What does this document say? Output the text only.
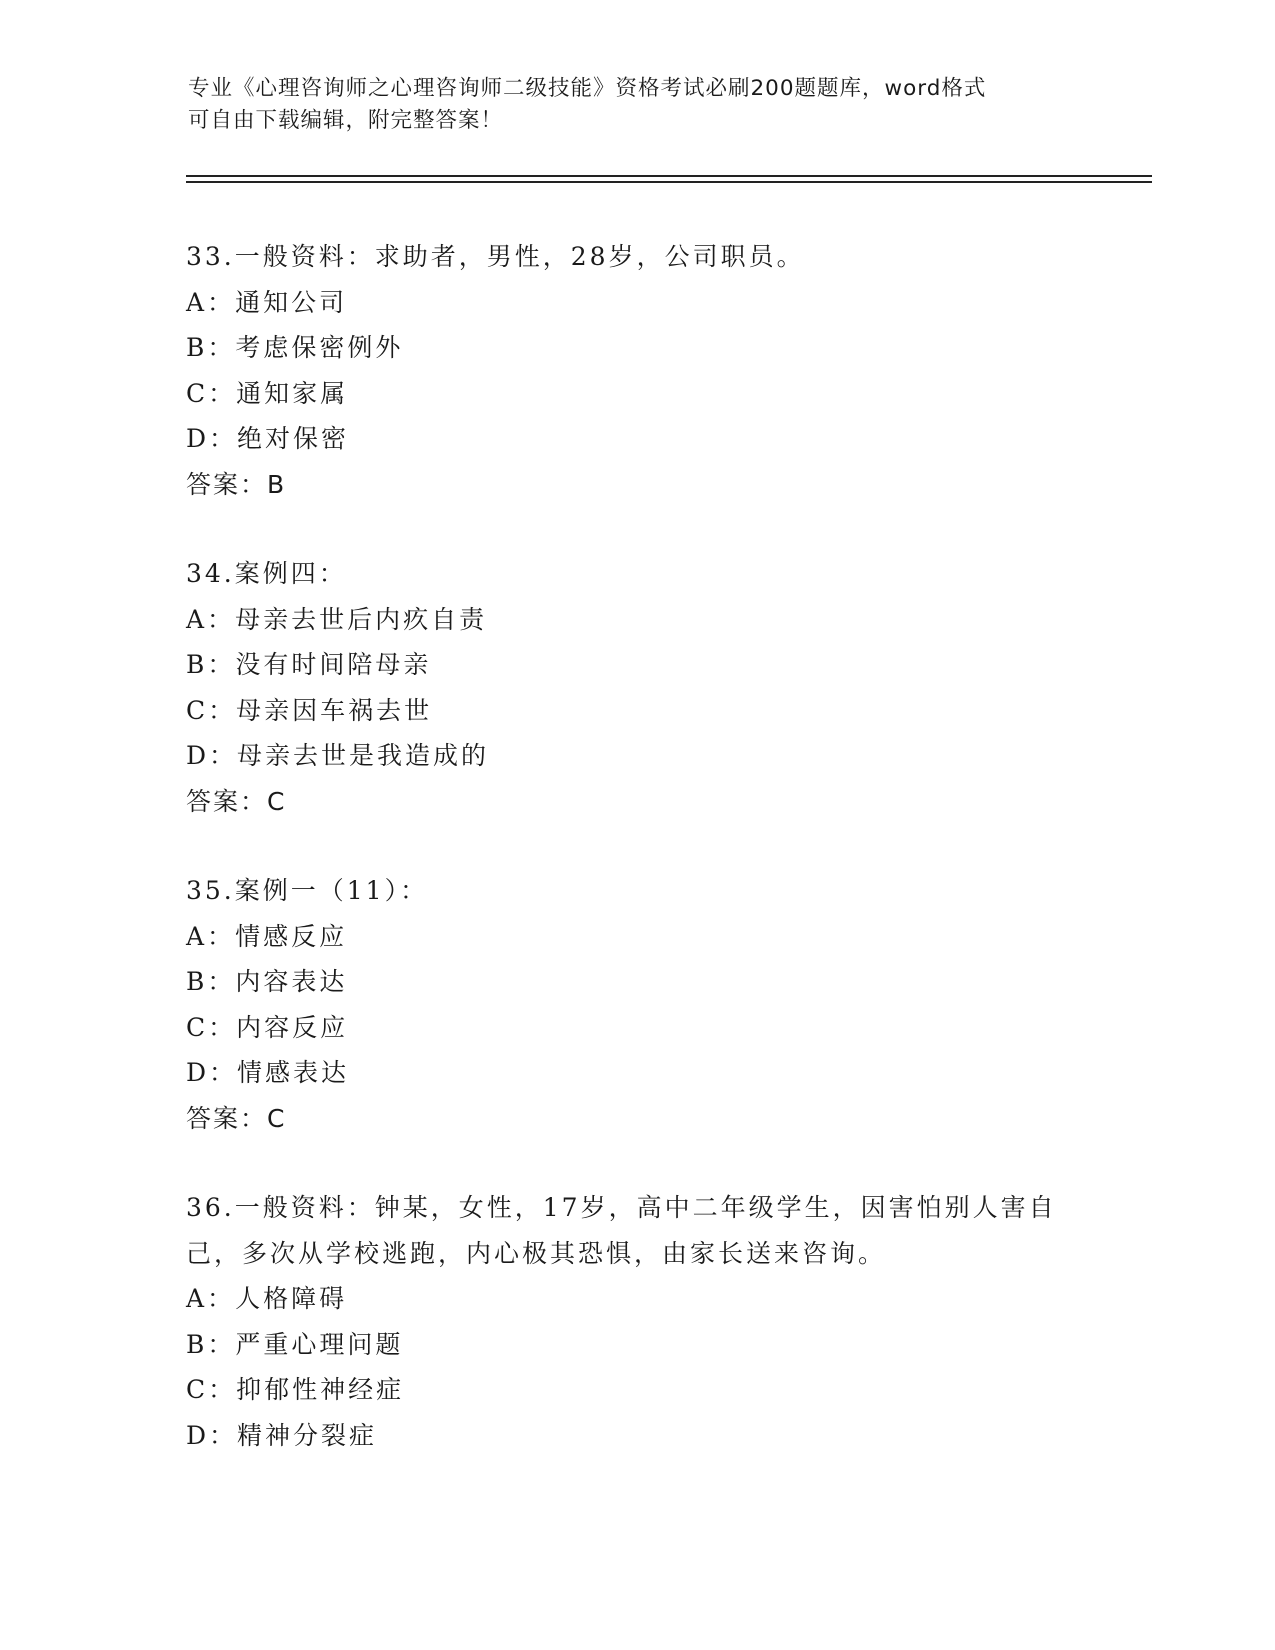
专业《心理咨询师之心理咨询师二级技能》资格考试必刷200题题库，word格式
可自由下载编辑，附完整答案！
33.一般资料：求助者，男性，28岁，公司职员。
A：通知公司
B：考虑保密例外
C：通知家属
D：绝对保密
答案：B
34.案例四：
A：母亲去世后内疚自责
B：没有时间陪母亲
C：母亲因车祸去世
D：母亲去世是我造成的
答案：C
35.案例一（11）：
A：情感反应
B：内容表达
C：内容反应
D：情感表达
答案：C
36.一般资料：钟某，女性，17岁，高中二年级学生，因害怕别人害自
己，多次从学校逃跑，内心极其恐惧，由家长送来咨询。
A：人格障碍
B：严重心理问题
C：抑郁性神经症
D：精神分裂症
